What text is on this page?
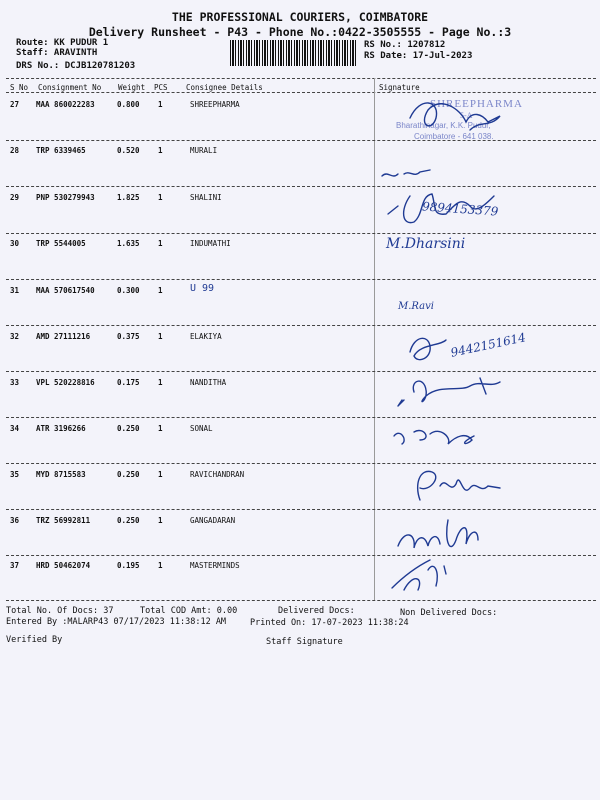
THE PROFESSIONAL COURIERS, COIMBATORE
Delivery Runsheet - P43 - Phone No.:0422-3505555 - Page No.:3
Route: KK PUDUR 1
Staff: ARAVINTH
DRS No.: DCJB120781203
RS No.: 1207812
RS Date: 17-Jul-2023
S No Consignment No Weight PCS Consignee Details	Signature
27 MAA 860022283	0.800 1	SHREEPHARMA
28 TRP 6339465	0.520 1	MURALI
29 PNP 530279943	1.825 1	SHALINI
30 TRP 5544005	1.635 1	INDUMATHI
31 MAA 570617540	0.300 1	U 99
32 AMD 27111216	0.375 1	ELAKIYA
33 VPL 520228816	0.175 1	NANDITHA
34 ATR 3196266	0.250 1	SONAL
35 MYD 8715583	0.250 1	RAVICHANDRAN
36 TRZ 56992811	0.250 1	GANGADARAN
37 HRD 50462074	0.195 1	MASTERMINDS
SHREEPHARMA
5-A
Bharathinagar, K.K. Pudur,
Coimbatore - 641 038.
9894153379
M.Dharsini
M.Ravi
9442151614
Total No. Of Docs: 37	Total COD Amt: 0.00	Delivered Docs:	Non Delivered Docs:
Entered By :MALARP43 07/17/2023 11:38:12 AM	Printed On: 17-07-2023 11:38:24
Verified By	Staff Signature
